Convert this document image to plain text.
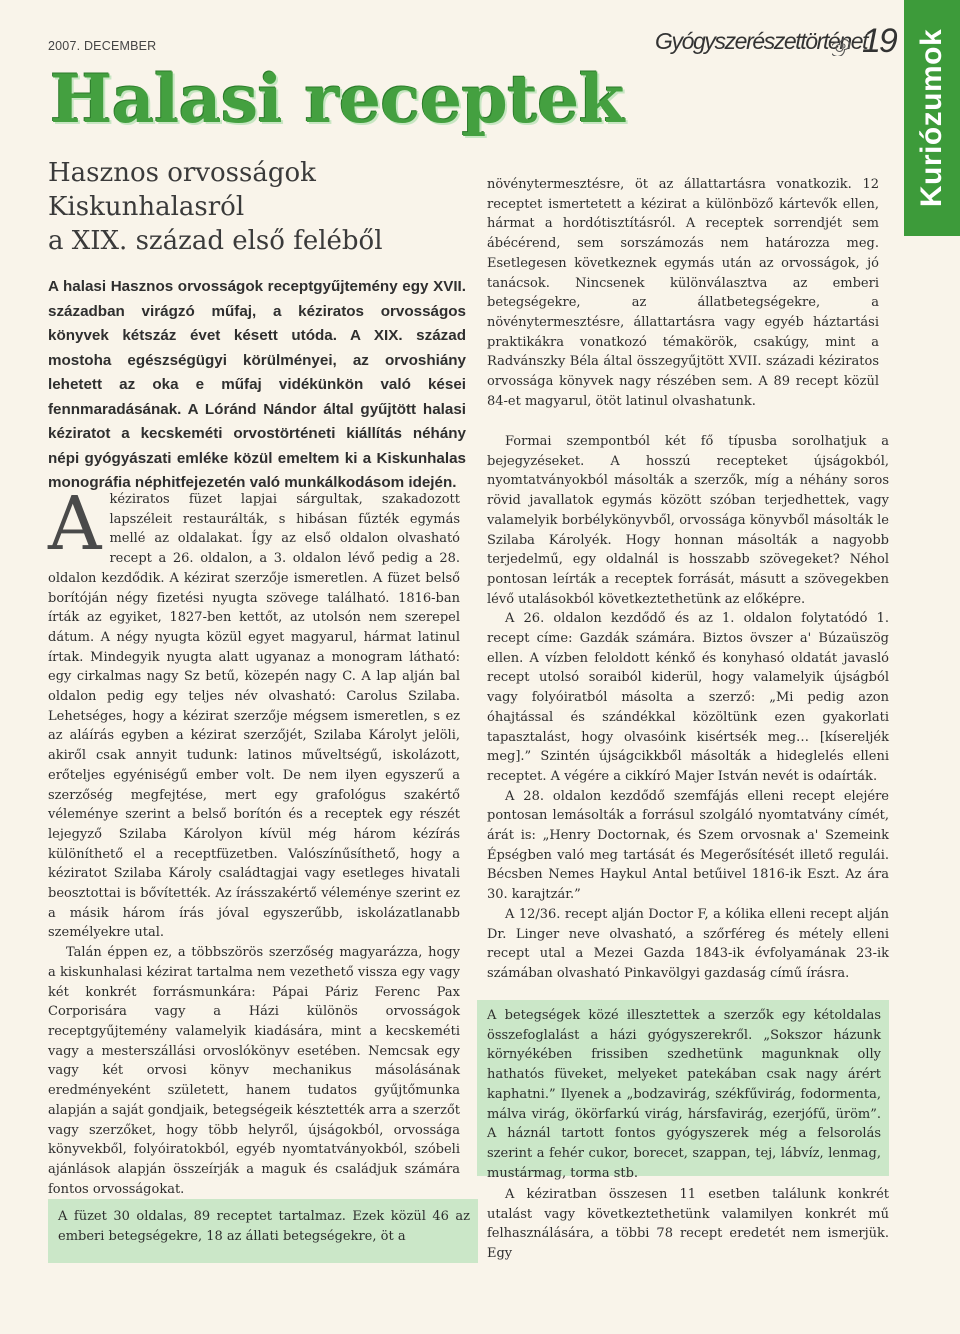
2007. DECEMBER	Gyógyszerészettörténet
19 Kuriózumok
Halasi receptek
Hasznos orvosságok
Kiskunhalasról
a XIX. század első feléből
A halasi Hasznos orvosságok receptgyűjtemény egy XVII. században virágzó műfaj, a kéziratos orvosságos könyvek kétszáz évet késett utóda. A XIX. század mostoha egészségügyi körülményei, az orvoshiány lehetett az oka e műfaj vidékünkön való kései fennmaradásának. A Lóránd Nándor által gyűjtött halasi kéziratot a kecskeméti orvostörténeti kiállítás néhány népi gyógyászati emléke közül emeltem ki a Kiskunhalas monográfia néphitfejezetén való munkálkodásom idején.

A kéziratos füzet lapjai sárgultak, szakadozott lapszéleit restaurálták, s hibásan fűzték egymás mellé az oldalakat. Így az első oldalon olvasható recept a 26. oldalon, a 3. oldalon lévő pedig a 28. oldalon kezdődik. A kézirat szerzője ismeretlen. A füzet belső borítóján négy fizetési nyugta szövege található. 1816-ban írták az egyiket, 1827-ben kettőt, az utolsón nem szerepel dátum. A négy nyugta közül egyet magyarul, hármat latinul írtak. Mindegyik nyugta alatt ugyanaz a monogram látható: egy cirkalmas nagy Sz betű, közepén nagy C. A lap alján bal oldalon pedig egy teljes név olvasható: Carolus Szilaba. Lehetséges, hogy a kézirat szerzője mégsem ismeretlen, s ez az aláírás egyben a kézirat szerzőjét, Szilaba Károlyt jelöli, akiről csak annyit tudunk: latinos műveltségű, iskolázott, erőteljes egyéniségű ember volt. De nem ilyen egyszerű a szerzőség megfejtése, mert egy grafológus szakértő véleménye szerint a belső borítón és a receptek egy részét lejegyző Szilaba Károlyon kívül még három kézírás különíthető el a receptfüzetben. Valószínűsíthető, hogy a kéziratot Szilaba Károly családtagjai vagy esetleges hivatali beosztottai is bővítették. Az írásszakértő véleménye szerint ez a másik három írás jóval egyszerűbb, iskolázatlanabb személyekre utal.

Talán éppen ez, a többszörös szerzőség magyarázza, hogy a kiskunhalasi kézirat tartalma nem vezethető vissza egy vagy két konkrét forrásmunkára: Pápai Páriz Ferenc Pax Corporisára vagy a Házi különös orvosságok receptgyűjtemény valamelyik kiadására, mint a kecskeméti vagy a mesterszállási orvoslókönyv esetében. Nemcsak egy vagy két orvosi könyv mechanikus másolásának eredményeként született, hanem tudatos gyűjtőmunka alapján a saját gondjaik, betegségeik késztették arra a szerzőt vagy szerzőket, hogy több helyről, újságokból, orvossága könyvekből, folyóiratokból, egyéb nyomtatványokból, szóbeli ajánlások alapján összeírják a maguk és családjuk számára fontos orvosságokat.

A füzet 30 oldalas, 89 receptet tartalmaz. Ezek közül 46 az emberi betegségekre, 18 az állati betegségekre, öt a

növénytermesztésre, öt az állattartásra vonatkozik. 12 receptet ismertetett a kézirat a különböző kártevők ellen, hármat a hordótisztításról. A receptek sorrendjét sem ábécérend, sem sorszámozás nem határozza meg. Esetlegesen következnek egymás után az orvosságok, jó tanácsok. Nincsenek különválasztva az emberi betegségekre, az állatbetegségekre, a növénytermesztésre, állattartásra vagy egyéb háztartási praktikákra vonatkozó témakörök, csakúgy, mint a Radvánszky Béla által összegyűjtött XVII. századi kéziratos orvossága könyvek nagy részében sem. A 89 recept közül 84-et magyarul, ötöt latinul olvashatunk.

Formai szempontból két fő típusba sorolhatjuk a bejegyzéseket. A hosszú recepteket újságokból, nyomtatványokból másolták a szerzők, míg a néhány soros rövid javallatok egymás között szóban terjedhettek, vagy valamelyik borbélykönyvből, orvossága könyvből másolták le Szilaba Károlyék. Hogy honnan másolták a nagyobb terjedelmű, egy oldalnál is hosszabb szövegeket? Néhol pontosan leírták a receptek forrását, másutt a szövegekben lévő utalásokból következtethetünk az előképre.

A 26. oldalon kezdődő és az 1. oldalon folytatódó 1. recept címe: Gazdák számára. Biztos övszer a' Búzaüszög ellen. A vízben feloldott kénkő és konyhasó oldatát javasló recept utolsó soraiból kiderül, hogy valamelyik újságból vagy folyóiratból másolta a szerző: „Mi pedig azon óhajtással és szándékkal közöltünk ezen gyakorlati tapasztalást, hogy olvasóink kisértsék meg… [kísereljék meg].” Szintén újságcikkből másolták a hideglelés elleni receptet. A végére a cikkíró Majer István nevét is odaírták.

A 28. oldalon kezdődő szemfájás elleni recept elejére pontosan lemásolták a forrásul szolgáló nyomtatvány címét, árát is: „Henry Doctornak, és Szem orvosnak a' Szemeink Épségben való meg tartását és Megerősítését illető regulái. Bécsben Nemes Haykul Antal betűivel 1816-ik Eszt. Az ára 30. karajtzár.”

A 12/36. recept alján Doctor F, a kólika elleni recept alján Dr. Linger neve olvasható, a szőrféreg és métely elleni recept utal a Mezei Gazda 1843-ik évfolyamának 23-ik számában olvasható Pinkavölgyi gazdaság című írásra.

A betegségek közé illesztettek a szerzők egy kétoldalas összefoglalást a házi gyógyszerekről. „Sokszor házunk környékében frissiben szedhetünk magunknak olly hathatós füveket, melyeket patekában csak nagy árért kaphatni.” Ilyenek a „bodzavirág, székfűvirág, fodormenta, málva virág, ökörfarkú virág, hársfavirág, ezerjófű, üröm”. A háznál tartott fontos gyógyszerek még a felsorolás szerint a fehér cukor, borecet, szappan, tej, lábvíz, lenmag, mustármag, torma stb.

A kéziratban összesen 11 esetben találunk konkrét utalást vagy következtethetünk valamilyen konkrét mű felhasználására, a többi 78 recept eredetét nem ismerjük. Egy
